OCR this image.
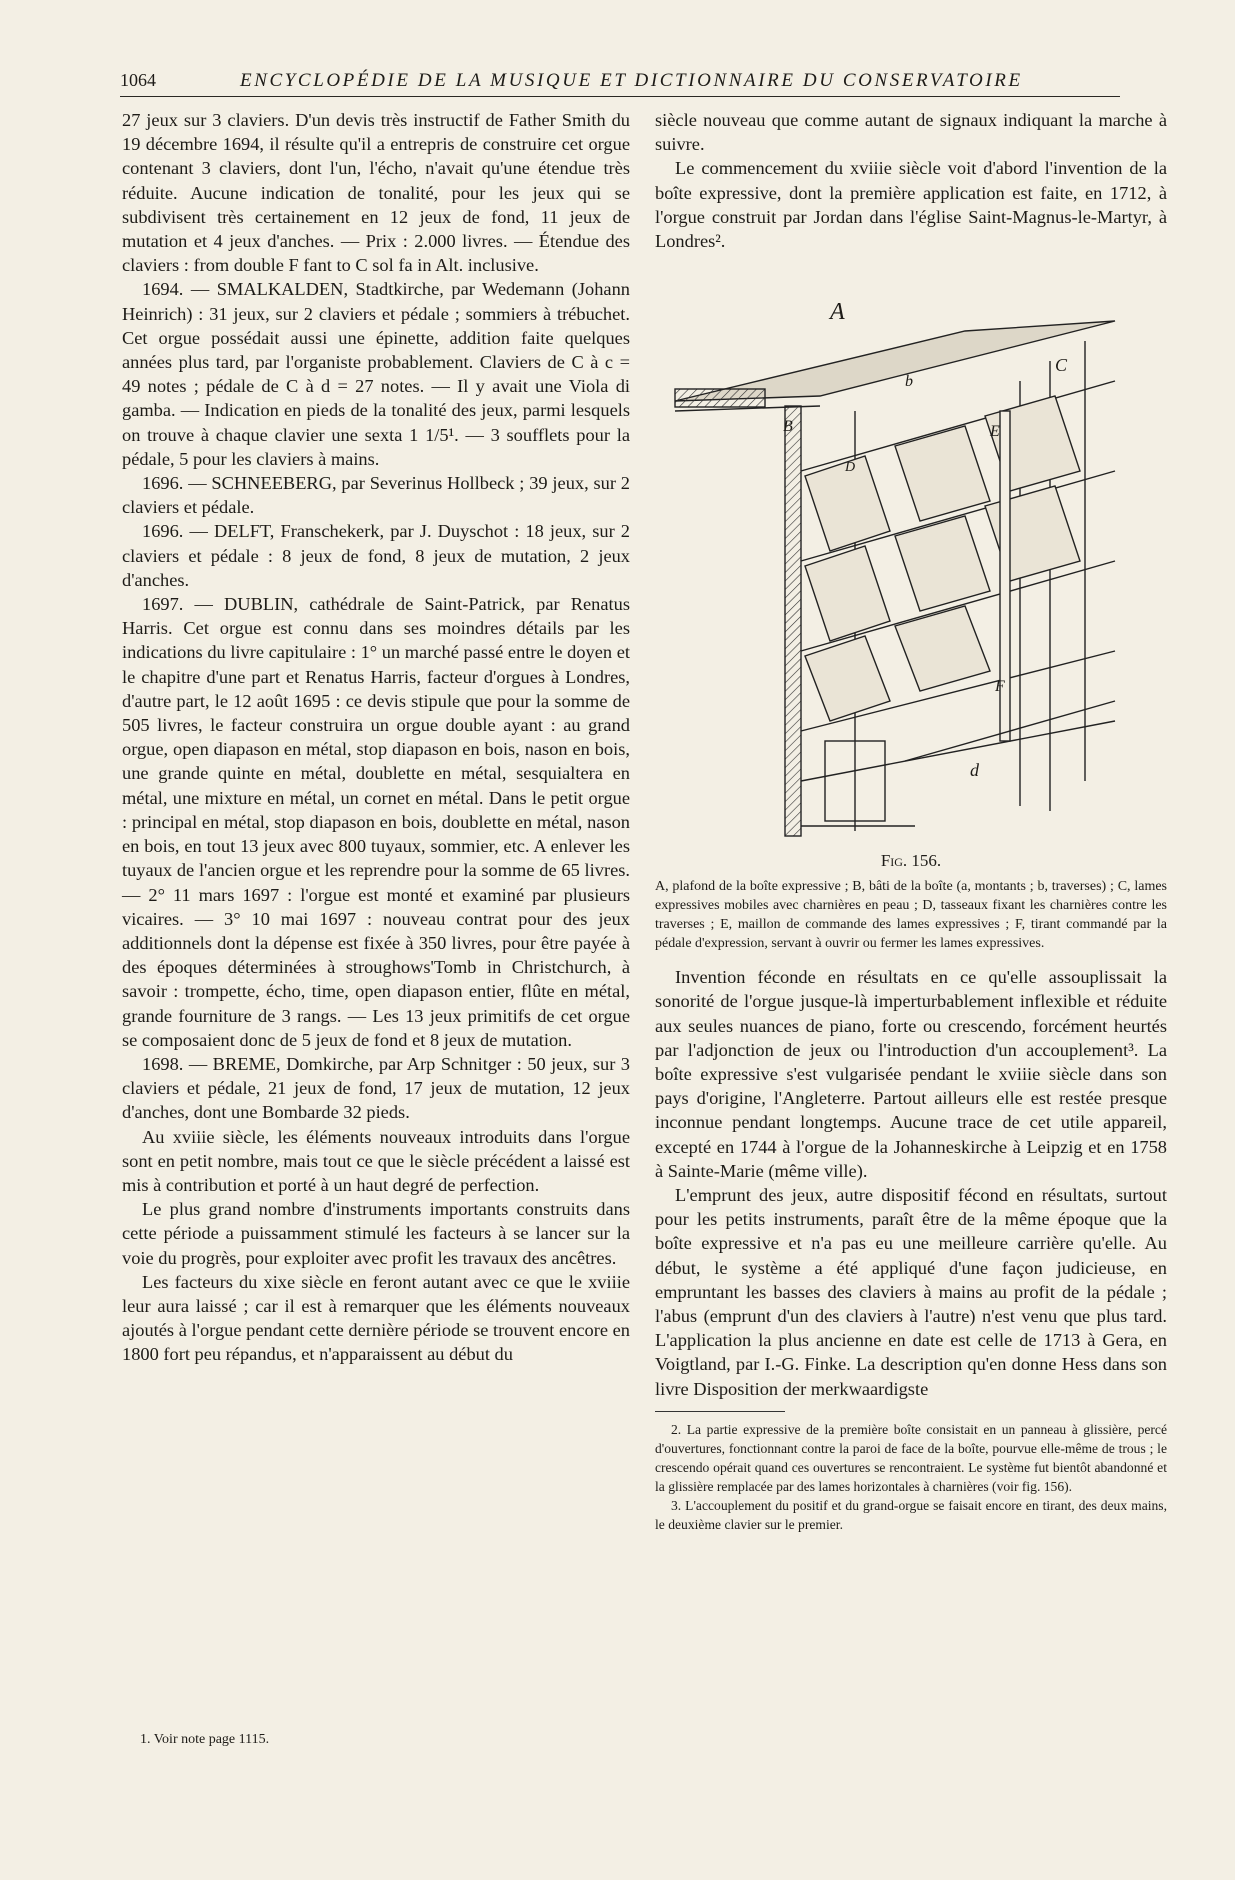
1064	ENCYCLOPÉDIE DE LA MUSIQUE ET DICTIONNAIRE DU CONSERVATOIRE

27 jeux sur 3 claviers. D'un devis très instructif de Father Smith du 19 décembre 1694, il résulte qu'il a entrepris de construire cet orgue contenant 3 claviers, dont l'un, l'écho, n'avait qu'une étendue très réduite. Aucune indication de tonalité, pour les jeux qui se subdivisent très certainement en 12 jeux de fond, 11 jeux de mutation et 4 jeux d'anches. — Prix : 2.000 livres. — Étendue des claviers : from double F fant to C sol fa in Alt. inclusive.

1694. — SMALKALDEN, Stadtkirche, par Wedemann (Johann Heinrich) : 31 jeux, sur 2 claviers et pédale ; sommiers à trébuchet. Cet orgue possédait aussi une épinette, addition faite quelques années plus tard, par l'organiste probablement. Claviers de C à c = 49 notes ; pédale de C à d = 27 notes. — Il y avait une Viola di gamba. — Indication en pieds de la tonalité des jeux, parmi lesquels on trouve à chaque clavier une sexta 1 1/5¹. — 3 soufflets pour la pédale, 5 pour les claviers à mains.

1696. — SCHNEEBERG, par Severinus Hollbeck ; 39 jeux, sur 2 claviers et pédale.

1696. — DELFT, Franschekerk, par J. Duyschot : 18 jeux, sur 2 claviers et pédale : 8 jeux de fond, 8 jeux de mutation, 2 jeux d'anches.

1697. — DUBLIN, cathédrale de Saint-Patrick, par Renatus Harris. Cet orgue est connu dans ses moindres détails par les indications du livre capitulaire : 1° un marché passé entre le doyen et le chapitre d'une part et Renatus Harris, facteur d'orgues à Londres, d'autre part, le 12 août 1695 : ce devis stipule que pour la somme de 505 livres, le facteur construira un orgue double ayant : au grand orgue, open diapason en métal, stop diapason en bois, nason en bois, une grande quinte en métal, doublette en métal, sesquialtera en métal, une mixture en métal, un cornet en métal. Dans le petit orgue : principal en métal, stop diapason en bois, doublette en métal, nason en bois, en tout 13 jeux avec 800 tuyaux, sommier, etc. A enlever les tuyaux de l'ancien orgue et les reprendre pour la somme de 65 livres. — 2° 11 mars 1697 : l'orgue est monté et examiné par plusieurs vicaires. — 3° 10 mai 1697 : nouveau contrat pour des jeux additionnels dont la dépense est fixée à 350 livres, pour être payée à des époques déterminées à stroughows'Tomb in Christchurch, à savoir : trompette, écho, time, open diapason entier, flûte en métal, grande fourniture de 3 rangs. — Les 13 jeux primitifs de cet orgue se composaient donc de 5 jeux de fond et 8 jeux de mutation.

1698. — BREME, Domkirche, par Arp Schnitger : 50 jeux, sur 3 claviers et pédale, 21 jeux de fond, 17 jeux de mutation, 12 jeux d'anches, dont une Bombarde 32 pieds.

Au xviiie siècle, les éléments nouveaux introduits dans l'orgue sont en petit nombre, mais tout ce que le siècle précédent a laissé est mis à contribution et porté à un haut degré de perfection.

Le plus grand nombre d'instruments importants construits dans cette période a puissamment stimulé les facteurs à se lancer sur la voie du progrès, pour exploiter avec profit les travaux des ancêtres.

Les facteurs du xixe siècle en feront autant avec ce que le xviiie leur aura laissé ; car il est à remarquer que les éléments nouveaux ajoutés à l'orgue pendant cette dernière période se trouvent encore en 1800 fort peu répandus, et n'apparaissent au début du

1. Voir note page 1115.

siècle nouveau que comme autant de signaux indiquant la marche à suivre.

Le commencement du xviiie siècle voit d'abord l'invention de la boîte expressive, dont la première application est faite, en 1712, à l'orgue construit par Jordan dans l'église Saint-Magnus-le-Martyr, à Londres².

A
B
b
C
D
E
F
d
Fig. 156.
A, plafond de la boîte expressive ; B, bâti de la boîte (a, montants ; b, traverses) ; C, lames expressives mobiles avec charnières en peau ; D, tasseaux fixant les charnières contre les traverses ; E, maillon de commande des lames expressives ; F, tirant commandé par la pédale d'expression, servant à ouvrir ou fermer les lames expressives.

Invention féconde en résultats en ce qu'elle assouplissait la sonorité de l'orgue jusque-là imperturbablement inflexible et réduite aux seules nuances de piano, forte ou crescendo, forcément heurtés par l'adjonction de jeux ou l'introduction d'un accouplement³. La boîte expressive s'est vulgarisée pendant le xviiie siècle dans son pays d'origine, l'Angleterre. Partout ailleurs elle est restée presque inconnue pendant longtemps. Aucune trace de cet utile appareil, excepté en 1744 à l'orgue de la Johanneskirche à Leipzig et en 1758 à Sainte-Marie (même ville).

L'emprunt des jeux, autre dispositif fécond en résultats, surtout pour les petits instruments, paraît être de la même époque que la boîte expressive et n'a pas eu une meilleure carrière qu'elle. Au début, le système a été appliqué d'une façon judicieuse, en empruntant les basses des claviers à mains au profit de la pédale ; l'abus (emprunt d'un des claviers à l'autre) n'est venu que plus tard. L'application la plus ancienne en date est celle de 1713 à Gera, en Voigtland, par I.-G. Finke. La description qu'en donne Hess dans son livre Disposition der merkwaardigste

2. La partie expressive de la première boîte consistait en un panneau à glissière, percé d'ouvertures, fonctionnant contre la paroi de face de la boîte, pourvue elle-même de trous ; le crescendo opérait quand ces ouvertures se rencontraient. Le système fut bientôt abandonné et la glissière remplacée par des lames horizontales à charnières (voir fig. 156).
3. L'accouplement du positif et du grand-orgue se faisait encore en tirant, des deux mains, le deuxième clavier sur le premier.
